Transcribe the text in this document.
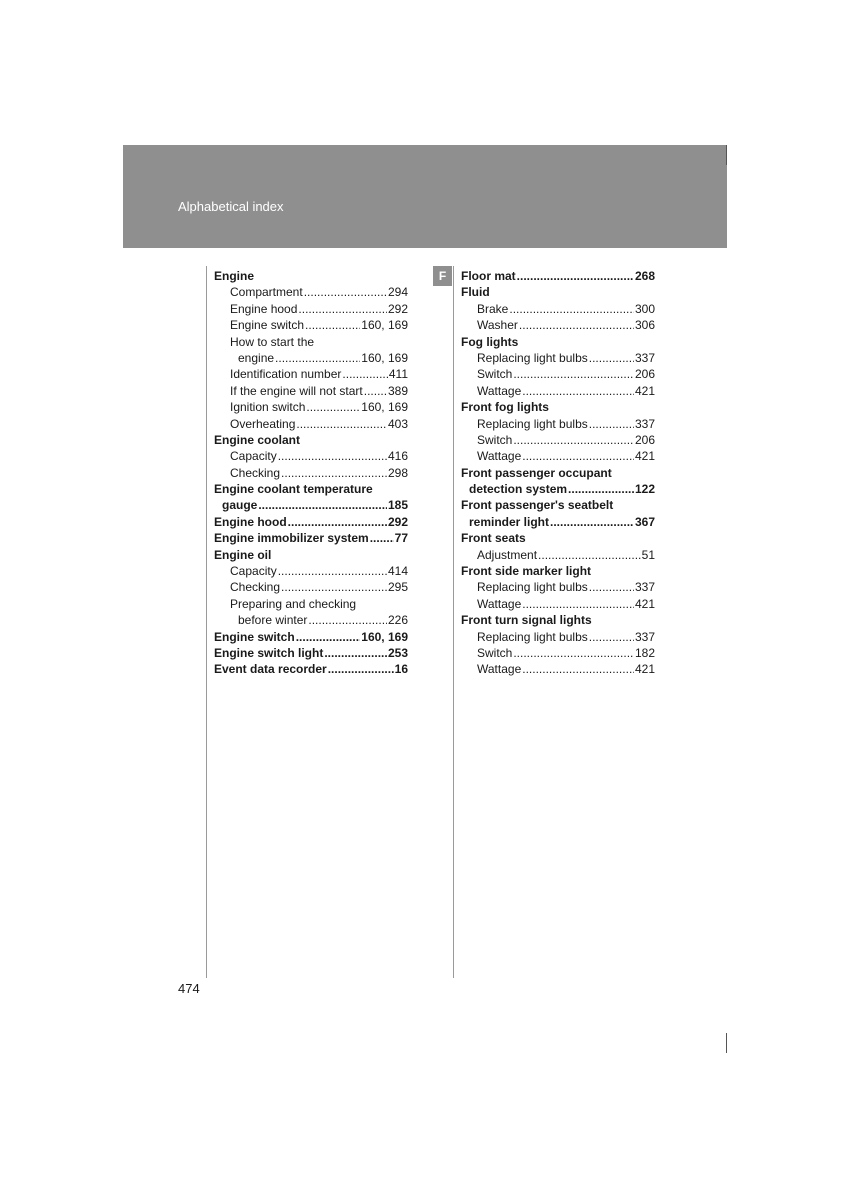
Alphabetical index
F
Engine
Compartment .....	294
Engine hood .....	292
Engine switch .....	160, 169
How to start the
engine .....	160, 169
Identification number .....	411
If the engine will not start ..... 389
Ignition switch .....	160, 169
Overheating .....	403
Engine coolant
Capacity .....	416
Checking .....	298
Engine coolant temperature
gauge .....	185
Engine hood .....	292
Engine immobilizer system ..... 77
Engine oil
Capacity .....	414
Checking .....	295
Preparing and checking
before winter .....	226
Engine switch .....	160, 169
Engine switch light .....	253
Event data recorder .....	16
Floor mat .....	268
Fluid
Brake .....	300
Washer .....	306
Fog lights
Replacing light bulbs .....	337
Switch .....	206
Wattage .....	421
Front fog lights
Replacing light bulbs .....	337
Switch .....	206
Wattage .....	421
Front passenger occupant
detection system .....	122
Front passenger's seatbelt
reminder light .....	367
Front seats
Adjustment .....	51
Front side marker light
Replacing light bulbs .....	337
Wattage .....	421
Front turn signal lights
Replacing light bulbs .....	337
Switch .....	182
Wattage .....	421
474
